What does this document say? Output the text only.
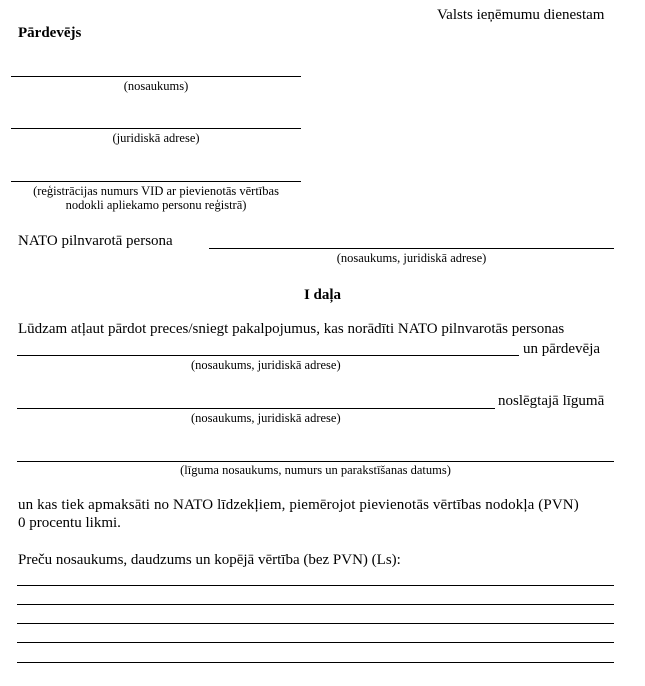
Valsts ieņēmumu dienestam
Pārdevējs
(nosaukums)
(juridiskā adrese)
(reģistrācijas numurs VID ar pievienotās vērtības
nodokli apliekamo personu reģistrā)
NATO pilnvarotā persona
(nosaukums, juridiskā adrese)
I daļa
Lūdzam atļaut pārdot preces/sniegt pakalpojumus, kas norādīti NATO pilnvarotās personas
un pārdevēja
(nosaukums, juridiskā adrese)
noslēgtajā līgumā
(nosaukums, juridiskā adrese)
(līguma nosaukums, numurs un parakstīšanas datums)
un kas tiek apmaksāti no NATO līdzekļiem, piemērojot pievienotās vērtības nodokļa (PVN)
0 procentu likmi.
Preču nosaukums, daudzums un kopējā vērtība (bez PVN) (Ls):
